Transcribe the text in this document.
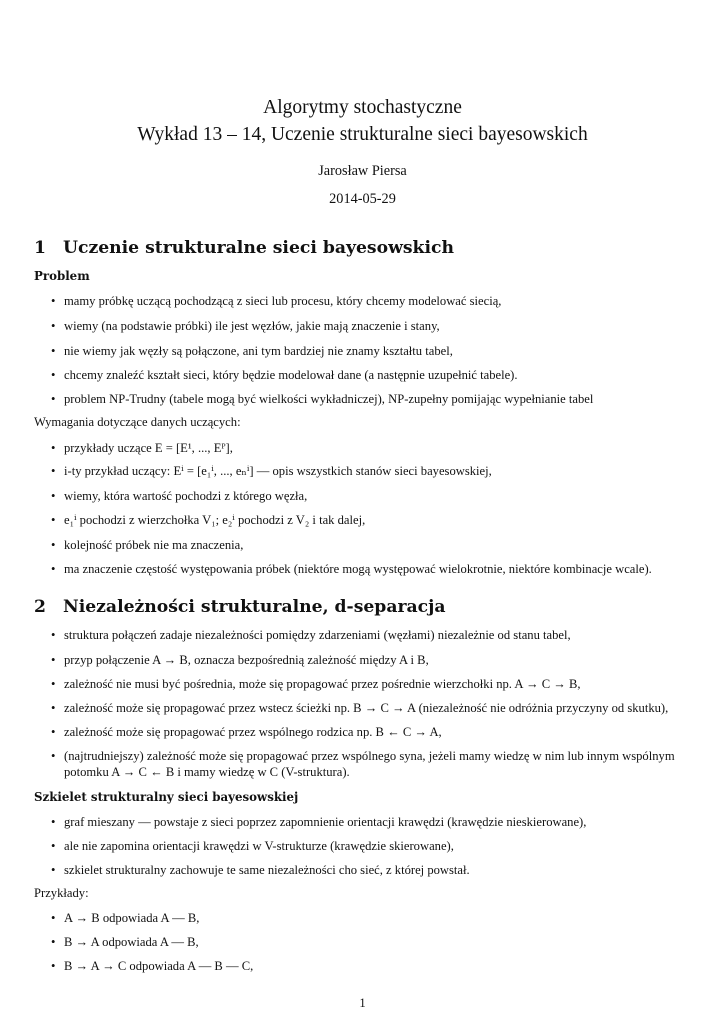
Algorytmy stochastyczne
Wykład 13 – 14, Uczenie strukturalne sieci bayesowskich
Jarosław Piersa
2014-05-29
1 Uczenie strukturalne sieci bayesowskich
Problem
• mamy próbkę uczącą pochodzącą z sieci lub procesu, który chcemy modelować siecią,
• wiemy (na podstawie próbki) ile jest węzłów, jakie mają znaczenie i stany,
• nie wiemy jak węzły są połączone, ani tym bardziej nie znamy kształtu tabel,
• chcemy znaleźć kształt sieci, który będzie modelował dane (a następnie uzupełnić tabele).
• problem NP-Trudny (tabele mogą być wielkości wykładniczej), NP-zupełny pomijając wypełnianie tabel
Wymagania dotyczące danych uczących:
• przykłady uczące E = [E¹, ..., Eᴾ],
• i-ty przykład uczący: Eⁱ = [e₁ⁱ, ..., eₙⁱ] — opis wszystkich stanów sieci bayesowskiej,
• wiemy, która wartość pochodzi z którego węzła,
• e₁ⁱ pochodzi z wierzchołka V₁; e₂ⁱ pochodzi z V₂ i tak dalej,
• kolejność próbek nie ma znaczenia,
• ma znaczenie częstość występowania próbek (niektóre mogą występować wielokrotnie, niektóre kombinacje wcale).
2 Niezależności strukturalne, d-separacja
• struktura połączeń zadaje niezależności pomiędzy zdarzeniami (węzłami) niezależnie od stanu tabel,
• przyp połączenie A → B, oznacza bezpośrednią zależność między A i B,
• zależność nie musi być pośrednia, może się propagować przez pośrednie wierzchołki np. A → C → B,
• zależność może się propagować przez wstecz ścieżki np. B → C → A (niezależność nie odróżnia przyczyny od skutku),
• zależność może się propagować przez wspólnego rodzica np. B ← C → A,
• (najtrudniejszy) zależność może się propagować przez wspólnego syna, jeżeli mamy wiedzę w nim lub innym wspólnym potomku A → C ← B i mamy wiedzę w C (V-struktura).
Szkielet strukturalny sieci bayesowskiej
• graf mieszany — powstaje z sieci poprzez zapomnienie orientacji krawędzi (krawędzie nieskierowane),
• ale nie zapomina orientacji krawędzi w V-strukturze (krawędzie skierowane),
• szkielet strukturalny zachowuje te same niezależności cho sieć, z której powstał.
Przykłady:
• A → B odpowiada A — B,
• B → A odpowiada A — B,
• B → A → C odpowiada A — B — C,
1
